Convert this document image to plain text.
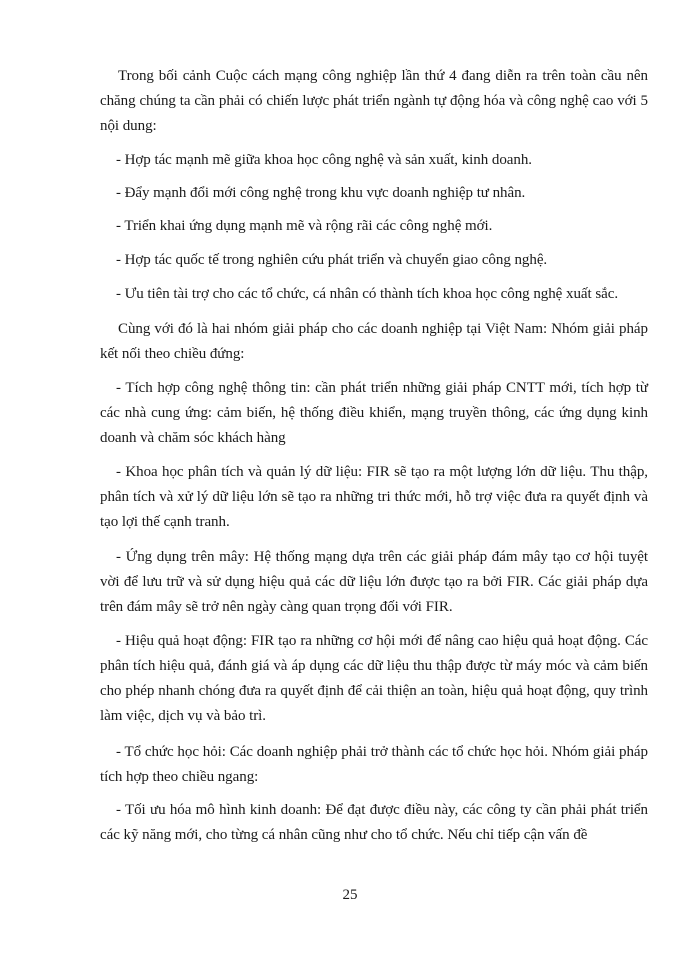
Trong bối cảnh Cuộc cách mạng công nghiệp lần thứ 4 đang diễn ra trên toàn cầu nên chăng chúng ta cần phải có chiến lược phát triển ngành tự động hóa và công nghệ cao với 5 nội dung:

- Hợp tác mạnh mẽ giữa khoa học công nghệ và sản xuất, kinh doanh.

- Đẩy mạnh đổi mới công nghệ trong khu vực doanh nghiệp tư nhân.

- Triển khai ứng dụng mạnh mẽ và rộng rãi các công nghệ mới.

- Hợp tác quốc tế trong nghiên cứu phát triển và chuyển giao công nghệ.

- Ưu tiên tài trợ cho các tổ chức, cá nhân có thành tích khoa học công nghệ xuất sắc.

Cùng với đó là hai nhóm giải pháp cho các doanh nghiệp tại Việt Nam: Nhóm giải pháp kết nối theo chiều đứng:

- Tích hợp công nghệ thông tin: cần phát triển những giải pháp CNTT mới, tích hợp từ các nhà cung ứng: cảm biến, hệ thống điều khiển, mạng truyền thông, các ứng dụng kinh doanh và chăm sóc khách hàng

- Khoa học phân tích và quản lý dữ liệu: FIR sẽ tạo ra một lượng lớn dữ liệu. Thu thập, phân tích và xử lý dữ liệu lớn sẽ tạo ra những tri thức mới, hỗ trợ việc đưa ra quyết định và tạo lợi thế cạnh tranh.

- Ứng dụng trên mây: Hệ thống mạng dựa trên các giải pháp đám mây tạo cơ hội tuyệt vời để lưu trữ và sử dụng hiệu quả các dữ liệu lớn được tạo ra bởi FIR. Các giải pháp dựa trên đám mây sẽ trở nên ngày càng quan trọng đối với FIR.

- Hiệu quả hoạt động: FIR tạo ra những cơ hội mới để nâng cao hiệu quả hoạt động. Các phân tích hiệu quả, đánh giá và áp dụng các dữ liệu thu thập được từ máy móc và cảm biến cho phép nhanh chóng đưa ra quyết định để cải thiện an toàn, hiệu quả hoạt động, quy trình làm việc, dịch vụ và bảo trì.

- Tổ chức học hỏi: Các doanh nghiệp phải trở thành các tổ chức học hỏi. Nhóm giải pháp tích hợp theo chiều ngang:

- Tối ưu hóa mô hình kinh doanh: Để đạt được điều này, các công ty cần phải phát triển các kỹ năng mới, cho từng cá nhân cũng như cho tổ chức. Nếu chỉ tiếp cận vấn đề

25
